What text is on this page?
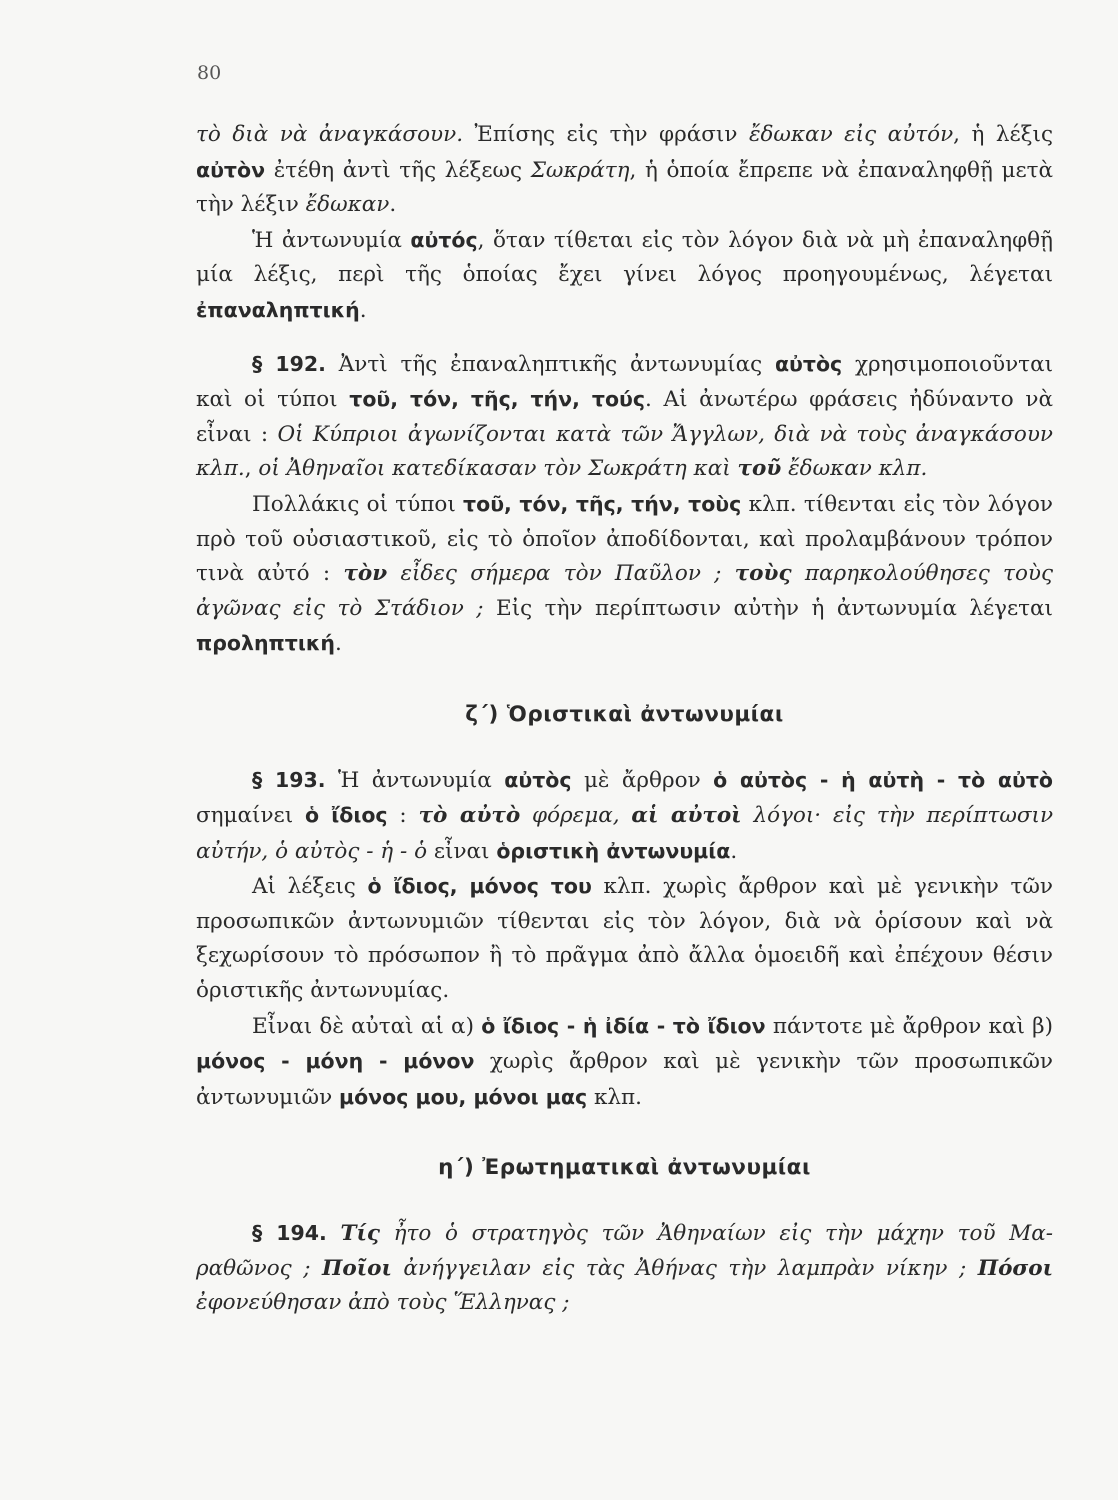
80

τὸ διὰ νὰ ἀναγκάσουν. Ἐπίσης εἰς τὴν φράσιν ἔδωκαν εἰς αὐτόν, ἡ λέξις αὐτὸν ἐτέθη ἀντὶ τῆς λέξεως Σωκράτη, ἡ ὁποία ἔπρεπε νὰ ἐπαναληφθῇ μετὰ τὴν λέξιν ἔδωκαν.

Ἡ ἀντωνυμία αὐτός, ὅταν τίθεται εἰς τὸν λόγον διὰ νὰ μὴ ἐπαναληφθῇ μία λέξις, περὶ τῆς ὁποίας ἔχει γίνει λόγος προηγουμένως, λέγεται ἐπαναληπτική.

§ 192. Ἀντὶ τῆς ἐπαναληπτικῆς ἀντωνυμίας αὐτὸς χρησιμοποιοῦνται καὶ οἱ τύποι τοῦ, τόν, τῆς, τήν, τούς. Αἱ ἀνωτέρω φράσεις ἠδύναντο νὰ εἶναι : Οἱ Κύπριοι ἀγωνίζονται κατὰ τῶν Ἄγγλων, διὰ νὰ τοὺς ἀναγκάσουν κλπ., οἱ Ἀθηναῖοι κατεδίκασαν τὸν Σωκράτη καὶ τοῦ ἔδωκαν κλπ.

Πολλάκις οἱ τύποι τοῦ, τόν, τῆς, τήν, τοὺς κλπ. τίθενται εἰς τὸν λόγον πρὸ τοῦ οὐσιαστικοῦ, εἰς τὸ ὁποῖον ἀποδίδονται, καὶ προλαμβάνουν τρόπον τινὰ αὐτό : τὸν εἶδες σήμερα τὸν Παῦλον ; τοὺς παρηκολούθησες τοὺς ἀγῶνας εἰς τὸ Στάδιον ; Εἰς τὴν περίπτωσιν αὐτὴν ἡ ἀντωνυμία λέγεται προληπτική.

ζ΄) Ὁριστικαὶ ἀντωνυμίαι

§ 193. Ἡ ἀντωνυμία αὐτὸς μὲ ἄρθρον ὁ αὐτὸς - ἡ αὐτὴ - τὸ αὐτὸ σημαίνει ὁ ἴδιος : τὸ αὐτὸ φόρεμα, αἱ αὐτοὶ λόγοι· εἰς τὴν περίπτωσιν αὐτήν, ὁ αὐτὸς - ἡ - ὁ εἶναι ὁριστικὴ ἀντωνυμία.

Αἱ λέξεις ὁ ἴδιος, μόνος του κλπ. χωρὶς ἄρθρον καὶ μὲ γενικὴν τῶν προσωπικῶν ἀντωνυμιῶν τίθενται εἰς τὸν λόγον, διὰ νὰ ὁρίσουν καὶ νὰ ξεχωρίσουν τὸ πρόσωπον ἢ τὸ πρᾶγμα ἀπὸ ἄλλα ὁμοειδῆ καὶ ἐπέχουν θέσιν ὁριστικῆς ἀντωνυμίας.

Εἶναι δὲ αὐταὶ αἱ α) ὁ ἴδιος - ἡ ἰδία - τὸ ἴδιον πάντοτε μὲ ἄρθρον καὶ β) μόνος - μόνη - μόνον χωρὶς ἄρθρον καὶ μὲ γενικὴν τῶν προσωπικῶν ἀντωνυμιῶν μόνος μου, μόνοι μας κλπ.

η΄) Ἐρωτηματικαὶ ἀντωνυμίαι

§ 194. Τίς ἦτο ὁ στρατηγὸς τῶν Ἀθηναίων εἰς τὴν μάχην τοῦ Μαραθῶνος ; Ποῖοι ἀνήγγειλαν εἰς τὰς Ἀθήνας τὴν λαμπρὰν νίκην ; Πόσοι ἐφονεύθησαν ἀπὸ τοὺς Ἕλληνας ;
